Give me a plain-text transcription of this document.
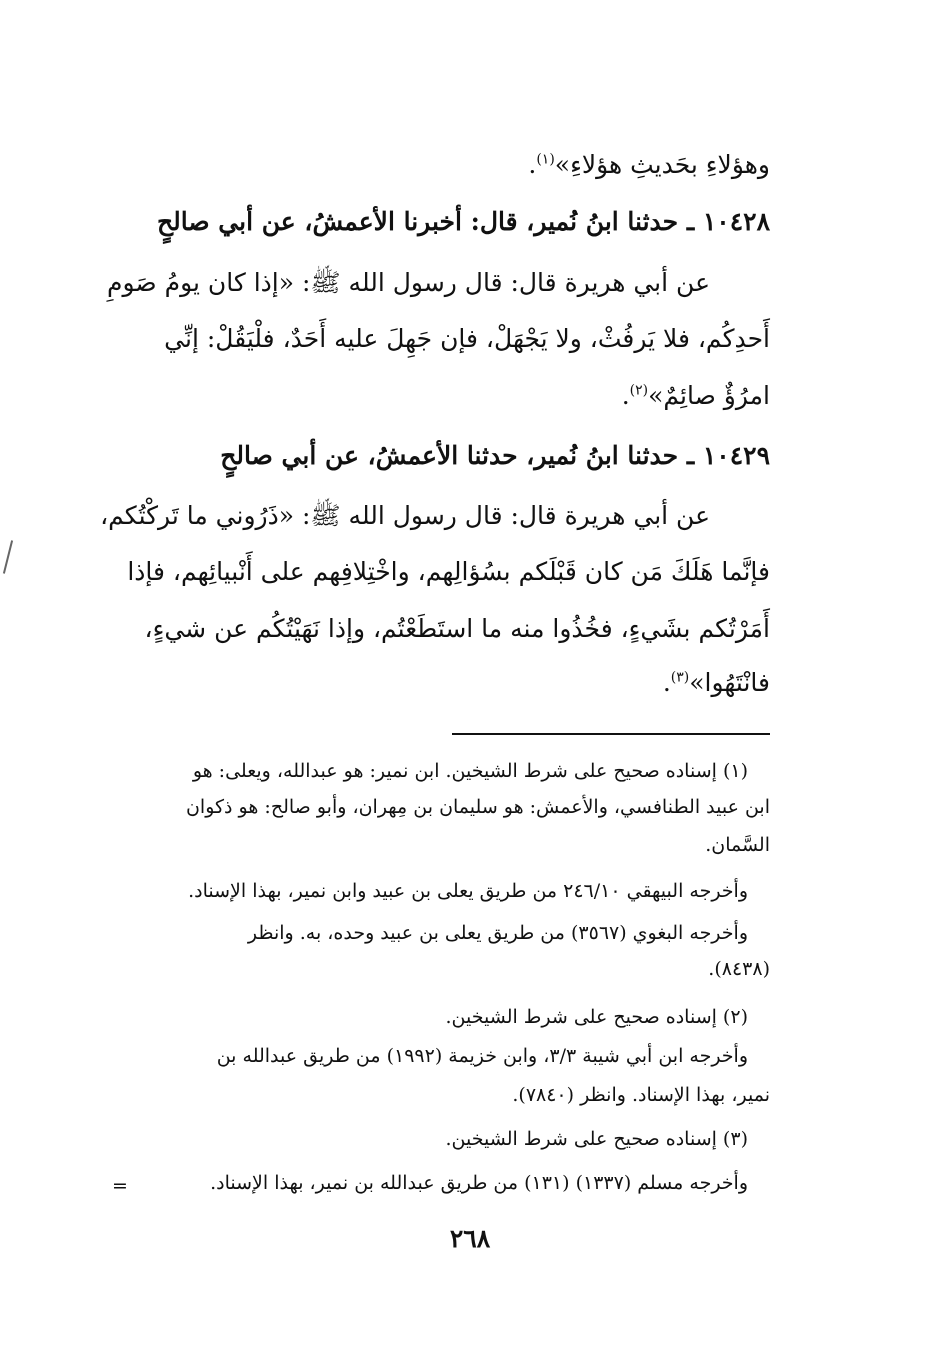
وهؤلاءِ بحَديثِ هؤلاءِ»$^{(١)}$.
١٠٤٢٨ ـ حدثنا ابنُ نُمير، قال: أخبرنا الأعمشُ، عن أبي صالحٍ
عن أبي هريرة قال: قال رسول الله ﷺ: «إذا كان يومُ صَومِ
أَحدِكُم، فلا يَرفُثْ، ولا يَجْهَلْ، فإن جَهِلَ عليه أَحَدٌ، فلْيَقُلْ: إنِّي
امرُؤٌ صائِمٌ»$^{(٢)}$.
١٠٤٢٩ ـ حدثنا ابنُ نُمير، حدثنا الأعمشُ، عن أبي صالحٍ
عن أبي هريرة قال: قال رسول الله ﷺ: «ذَرُوني ما تَركْتُكم،
فإنَّما هَلَكَ مَن كان قَبْلَكم بسُؤالِهم، واخْتِلافِهم على أَنْبيائِهم، فإذا
أَمَرْتُكم بشَيءٍ، فخُذُوا منه ما استَطَعْتُم، وإذا نَهَيْتُكُم عن شيءٍ،
فانْتَهُوا»$^{(٣)}$.
(١) إسناده صحيح على شرط الشيخين. ابن نمير: هو عبدالله، ويعلى: هو
ابن عبيد الطنافسي، والأعمش: هو سليمان بن مِهران، وأبو صالح: هو ذكوان
السَّمان.
وأخرجه البيهقي ٢٤٦/١٠ من طريق يعلى بن عبيد وابن نمير، بهذا الإسناد.
وأخرجه البغوي (٣٥٦٧) من طريق يعلى بن عبيد وحده، به. وانظر
(٨٤٣٨).
(٢) إسناده صحيح على شرط الشيخين.
وأخرجه ابن أبي شيبة ٣/٣، وابن خزيمة (١٩٩٢) من طريق عبدالله بن
نمير، بهذا الإسناد. وانظر (٧٨٤٠).
(٣) إسناده صحيح على شرط الشيخين.
وأخرجه مسلم (١٣٣٧) (١٣١) من طريق عبدالله بن نمير، بهذا الإسناد.
=
٢٦٨
